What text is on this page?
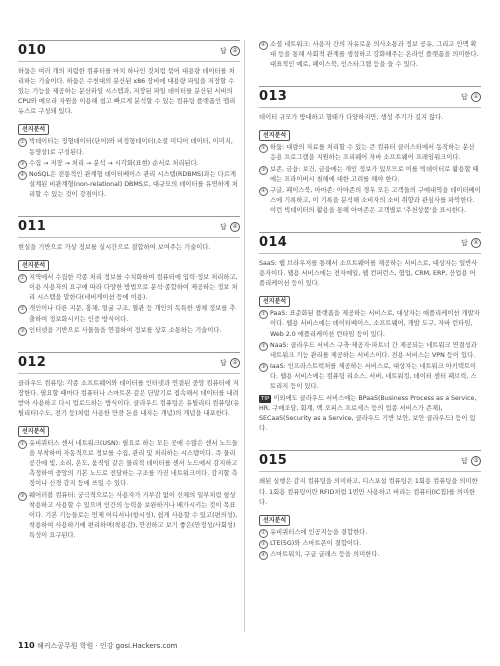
010	답 ②

하둡은 여러 개의 저렴한 컴퓨터를 마치 하나인 것처럼 묶어 대용량 데이터를 처리하는 기술이다. 하둡은 수천대의 분산된 x86 장비에 대용량 파일을 저장할 수 있는 기능을 제공하는 분산파일 시스템과, 저장된 파일 데이터를 분산된 서버의 CPU와 메모리 자원을 이용해 쉽고 빠르게 분석할 수 있는 컴퓨팅 플랫폼인 맵리듀스로 구성돼 있다.

선지분석
① 빅데이터는 정형데이터(단어)와 비정형데이터(소셜 미디어 데이터, 이미지, 동영상)로 구성된다.
③ 수집 → 저장 → 처리 → 분석 → 시각화(표현) 순서로 처리된다.
④ NoSQL은 전통적인 관계형 데이터베이스 관리 시스템(RDBMS)과는 다르게 설계된 비관계형(non-relational) DBMS로, 대규모의 데이터를 유연하게 처리할 수 있는 것이 강점이다.
011	답 ④

현실을 기반으로 가상 정보를 실시간으로 결합하여 보여주는 기술이다.

선지분석
① 지역에서 수집한 각종 처리 정보를 수치화하여 컴퓨터에 입력·정보 처리하고, 이용 사용자의 요구에 따라 다양한 방법으로 분석·종합하여 제공하는 정보 처리 시스템을 말한다(네비게이션 등에 이용).
② 개인이나 다른 지문, 홍채, 얼굴 구조, 혈관 등 개인의 독특한 생체 정보를 추출하여 정보화시키는 인증 방식이다.
③ 인터넷을 기반으로 사물들을 연결하여 정보를 상호 소통하는 기술이다.
012	답 ②

클라우드 컴퓨팅: 각종 소프트웨어와 데이터를 인터넷과 연결된 중앙 컴퓨터에 저장한다. 필요할 때마다 컴퓨터나 스마트폰 같은 단말기로 접속해서 데이터를 내려 받아 사용하고 다시 업로드하는 방식이다. 클라우드 컴퓨팅은 유틸리티 컴퓨팅(유틸리티(수도, 전기 등)처럼 사용한 만큼 돈을 내자는 개념)의 개념을 내포한다.

선지분석
① 유비쿼터스 센서 네트워크(USN): 필요로 하는 모든 곳에 수많은 센서 노드들을 부착하여 자동적으로 정보를 수집, 관리 및 처리하는 시스템이다. 즉 물리 공간에 빛, 소리, 온도, 움직임 같은 물리적 데이터를 센서 노드에서 감지하고 측정하여 중앙의 기본 노드로 전달하는 구조를 가진 네트워크이다. 감지할 측정이나 신경 감지 등에 쓰일 수 있다.
③ 웨어러블 컴퓨터: 궁극적으로는 사용자가 거부감 없이 신체의 일부처럼 항상 착용하고 사용할 수 있으며 인간의 능력을 보완하거나 배가시키는 것이 목표이다. 기본 기능들로는 언제 어디서나(항시성), 쉽게 사용할 수 있고(편의성), 착용하여 사용하기에 편리하며(착용감), 안전하고 보기 좋은(안정성/사회성) 특성이 요구된다.
④ 소셜 네트워크: 사용자 간의 자유로운 의사소통과 정보 공유, 그리고 인맥 확대 등을 통해 사회적 관계를 생성하고 강화해주는 온라인 플랫폼을 의미한다. 대표적인 예로, 페이스북, 인스타그램 등을 들 수 있다.
013	답 ①

데이터 규모가 방대하고 형태가 다양하지만, 생성 주기가 길지 않다.

선지분석
② 하둡: 대량의 자료를 처리할 수 있는 큰 컴퓨터 클러스터에서 동작하는 분산 응용 프로그램을 지원하는 프리웨어 자바 소프트웨어 프레임워크이다.
③ 보존, 금융: 보건, 금융에는 개인 정보가 있으므로 이를 빅데이터로 활용할 때에는 프라이버시 침해에 대한 고려를 해야 한다.
④ 구글, 페이스북, 아마존: 아마존의 경우 모든 고객들의 구매내역을 데이터베이스에 기록하고, 이 기록을 분석해 소비자의 소비 취향과 관심사를 파악한다. 이런 빅데이터의 활용을 통해 아마존은 고객별로 '추천상품'을 표시한다.
014	답 ④

SaaS: 웹 브라우저를 통해서 소프트웨어를 제공하는 서비스로, 대상자는 일반사용자이다. 웹용 서비스에는 전자메일, 웹 컨퍼런스, 협업, CRM, ERP, 산업용 어플리케이션 등이 있다.

선지분석
① PaaS: 표준화된 플랫폼을 제공하는 서비스로, 대상자는 애플리케이션 개발자이다. 웹용 서비스에는 데이터베이스, 소프트웨어, 개발 도구, 자바 런타임, Web 2.0 애플리케이션 런타임 등이 있다.
② NaaS: 클라우드 서비스 구축·제공자·파트너 간 제공되는 네트워크 연결성과 네트워크 기능 관리를 제공하는 서비스이다. 전용 서비스는 VPN 등이 있다.
③ IaaS: 인프라스트럭처를 제공하는 서비스로, 대상자는 네트워크 아키텍트이다. 웹용 서비스에는 컴퓨팅 리소스, 서버, 네트워킹, 데이터 센터 패브릭, 스토리지 등이 있다.
TIP 이외에도 클라우드 서비스에는 BPaaS(Business Process as a Service, HR, 구매조달, 회계, 백 오피스 프로세스 등의 업종 서비스가 존재), SECaaS(Security as a Service, 클라우드 기반 보안, 보안 클라우드) 등이 있다.
015	답 ③

쇄된 실행은 감지 컴퓨팅을 의미하고, 디스포설 컴퓨팅은 1회용 컴퓨팅을 의미한다. 1회용 컴퓨팅이란 RFID처럼 1번만 사용하고 버리는 컴퓨터(IC칩)를 의미한다.

선지분석
① 유비쿼터스에 인공지능을 결합한다.
② LTE(5G)와 스마트폰이 결합이다.
④ 스마트워치, 구글 글래스 등을 의미한다.
110 해커스공무원 학원 · 인강 gosi.Hackers.com
